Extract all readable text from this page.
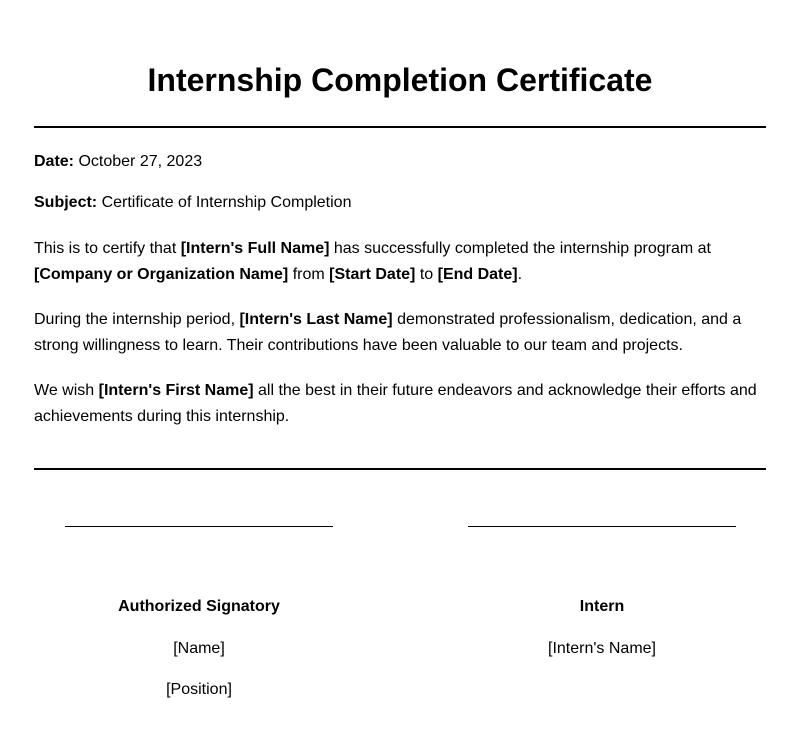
Internship Completion Certificate
Date: October 27, 2023
Subject: Certificate of Internship Completion

This is to certify that [Intern's Full Name] has successfully completed the internship program at [Company or Organization Name] from [Start Date] to [End Date].

During the internship period, [Intern's Last Name] demonstrated professionalism, dedication, and a strong willingness to learn. Their contributions have been valuable to our team and projects.

We wish [Intern's First Name] all the best in their future endeavors and acknowledge their efforts and achievements during this internship.

Authorized Signatory
[Name]
[Position]
Intern
[Intern's Name]
